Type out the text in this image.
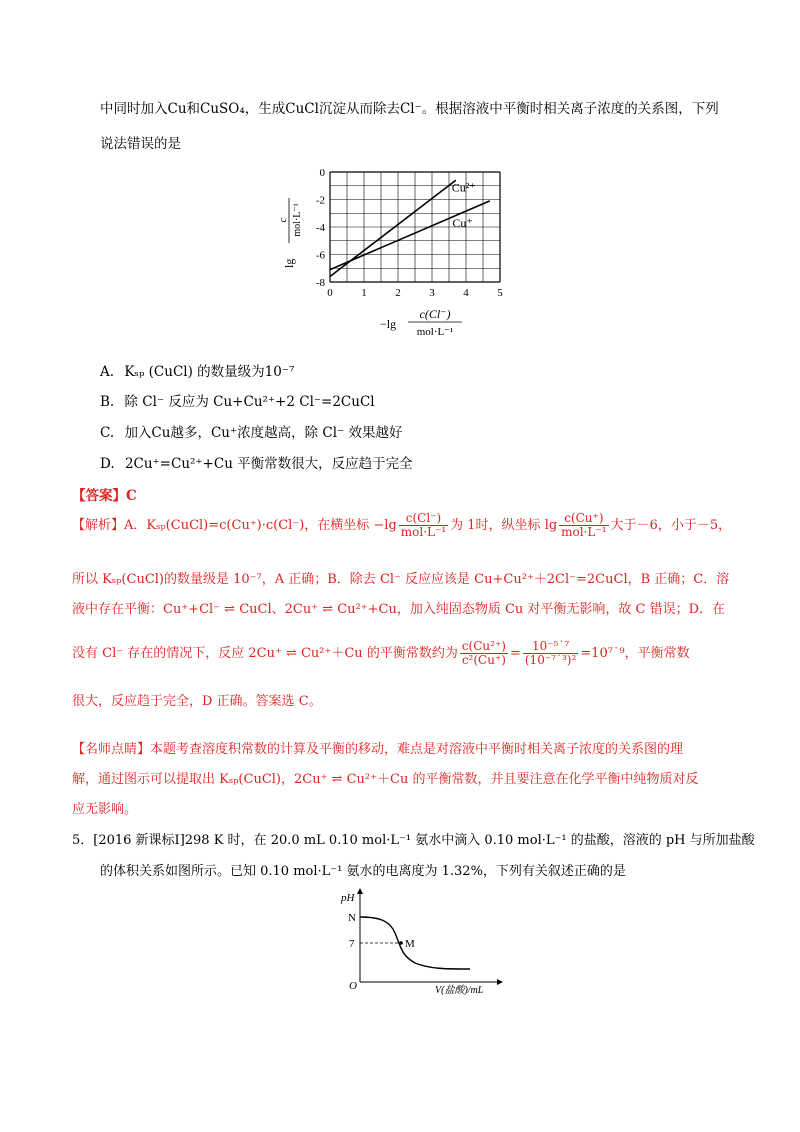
中同时加入Cu和CuSO₄，生成CuCl沉淀从而除去Cl⁻。根据溶液中平衡时相关离子浓度的关系图，下列
说法错误的是
Cu²⁺
Cu⁺
0	1	2	3	4	5
0
-2
-4
-6
-8
lg
c mol·L⁻¹
−lg
c(Cl⁻)
mol·L⁻¹
A. Kₛₚ (CuCl) 的数量级为10⁻⁷
B. 除 Cl⁻ 反应为 Cu+Cu²⁺+2 Cl⁻=2CuCl
C. 加入Cu越多，Cu⁺浓度越高，除 Cl⁻ 效果越好
D. 2Cu⁺=Cu²⁺+Cu 平衡常数很大，反应趋于完全
【答案】C
【解析】A．Kₛₚ(CuCl)=c(Cu⁺)·c(Cl⁻)，在横坐标 $-\lg \frac{c(Cl^-)}{\text{mol·L⁻¹}}$ 为 1时，纵坐标 $\lg \frac{c(Cu^+)}{\text{mol·L⁻¹}}$ 大于－6，小于－5，
所以 Kₛₚ(CuCl)的数量级是 10⁻⁷，A 正确；B．除去 Cl⁻ 反应应该是 Cu+Cu²⁺＋2Cl⁻=2CuCl，B 正确；C．溶
液中存在平衡：Cu⁺+Cl⁻ ⇌ CuCl、2Cu⁺ ⇌ Cu²⁺+Cu，加入纯固态物质 Cu 对平衡无影响，故 C 错误；D．在
没有 Cl⁻ 存在的情况下，反应 2Cu⁺ ⇌ Cu²⁺＋Cu 的平衡常数约为 $\frac{\text{c(Cu²⁺)}}{\text{c²(Cu⁺)}} = \frac{\text{10⁻⁵˙⁷}}{\text{(10⁻⁷˙³)²}}$ =10⁷˙⁹，平衡常数
很大，反应趋于完全，D 正确。答案选 C。
【名师点睛】本题考查溶度积常数的计算及平衡的移动，难点是对溶液中平衡时相关离子浓度的关系图的理
解，通过图示可以提取出 Kₛₚ(CuCl)，2Cu⁺ ⇌ Cu²⁺＋Cu 的平衡常数，并且要注意在化学平衡中纯物质对反
应无影响。
5．[2016 新课标Ⅰ]298 K 时，在 20.0 mL 0.10 mol·L⁻¹ 氨水中滴入 0.10 mol·L⁻¹ 的盐酸，溶液的 pH 与所加盐酸
的体积关系如图所示。已知 0.10 mol·L⁻¹ 氨水的电离度为 1.32%，下列有关叙述正确的是
pH
N
7
O
M
V(盐酸)/mL
